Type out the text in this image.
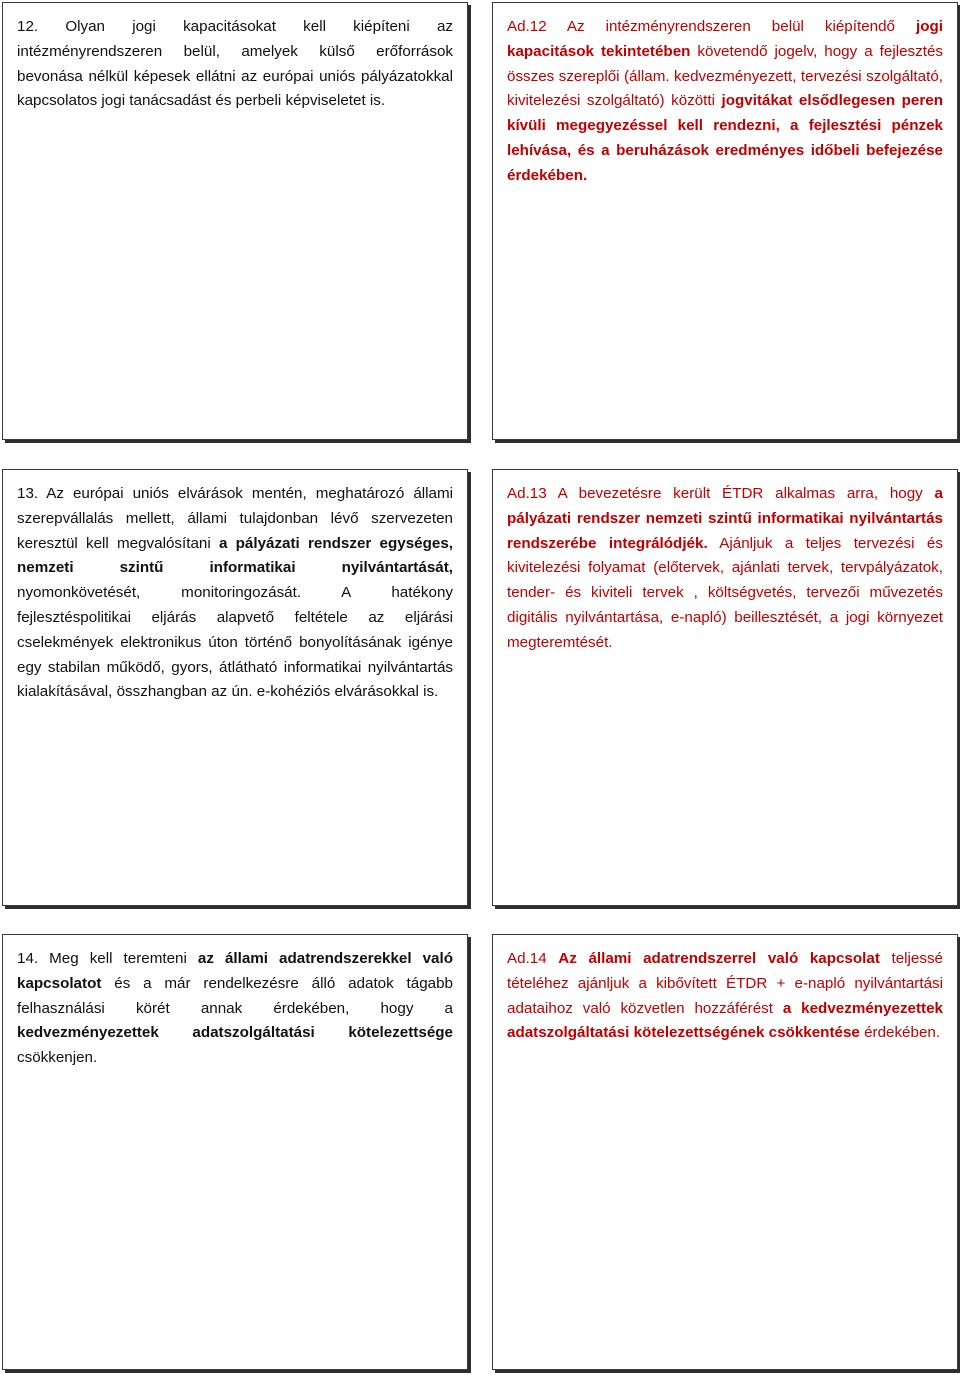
12. Olyan jogi kapacitásokat kell kiépíteni az intézményrendszeren belül, amelyek külső erőforrások bevonása nélkül képesek ellátni az európai uniós pályázatokkal kapcsolatos jogi tanácsadást és perbeli képviseletet is.

Ad.12 Az intézményrendszeren belül kiépítendő jogi kapacitások tekintetében követendő jogelv, hogy a fejlesztés összes szereplői (állam. kedvezményezett, tervezési szolgáltató, kivitelezési szolgáltató) közötti jogvitákat elsődlegesen peren kívüli megegyezéssel kell rendezni, a fejlesztési pénzek lehívása, és a beruházások eredményes időbeli befejezése érdekében.

13. Az európai uniós elvárások mentén, meghatározó állami szerepvállalás mellett, állami tulajdonban lévő szervezeten keresztül kell megvalósítani a pályázati rendszer egységes, nemzeti szintű informatikai nyilvántartását, nyomonkövetését, monitoringozását. A hatékony fejlesztéspolitikai eljárás alapvető feltétele az eljárási cselekmények elektronikus úton történő bonyolításának igénye egy stabilan működő, gyors, átlátható informatikai nyilvántartás kialakításával, összhangban az ún. e-kohéziós elvárásokkal is.

Ad.13 A bevezetésre került ÉTDR alkalmas arra, hogy a pályázati rendszer nemzeti szintű informatikai nyilvántartás rendszerébe integrálódjék. Ajánljuk a teljes tervezési és kivitelezési folyamat (előtervek, ajánlati tervek, tervpályázatok, tender- és kiviteli tervek , költségvetés, tervezői művezetés digitális nyilvántartása, e-napló) beillesztését, a jogi környezet megteremtését.

14. Meg kell teremteni az állami adatrendszerekkel való kapcsolatot és a már rendelkezésre álló adatok tágabb felhasználási körét annak érdekében, hogy a kedvezményezettek adatszolgáltatási kötelezettsége csökkenjen.

Ad.14 Az állami adatrendszerrel való kapcsolat teljessé tételéhez ajánljuk a kibővített ÉTDR + e-napló nyilvántartási adataihoz való közvetlen hozzáférést a kedvezményezettek adatszolgáltatási kötelezettségének csökkentése érdekében.
